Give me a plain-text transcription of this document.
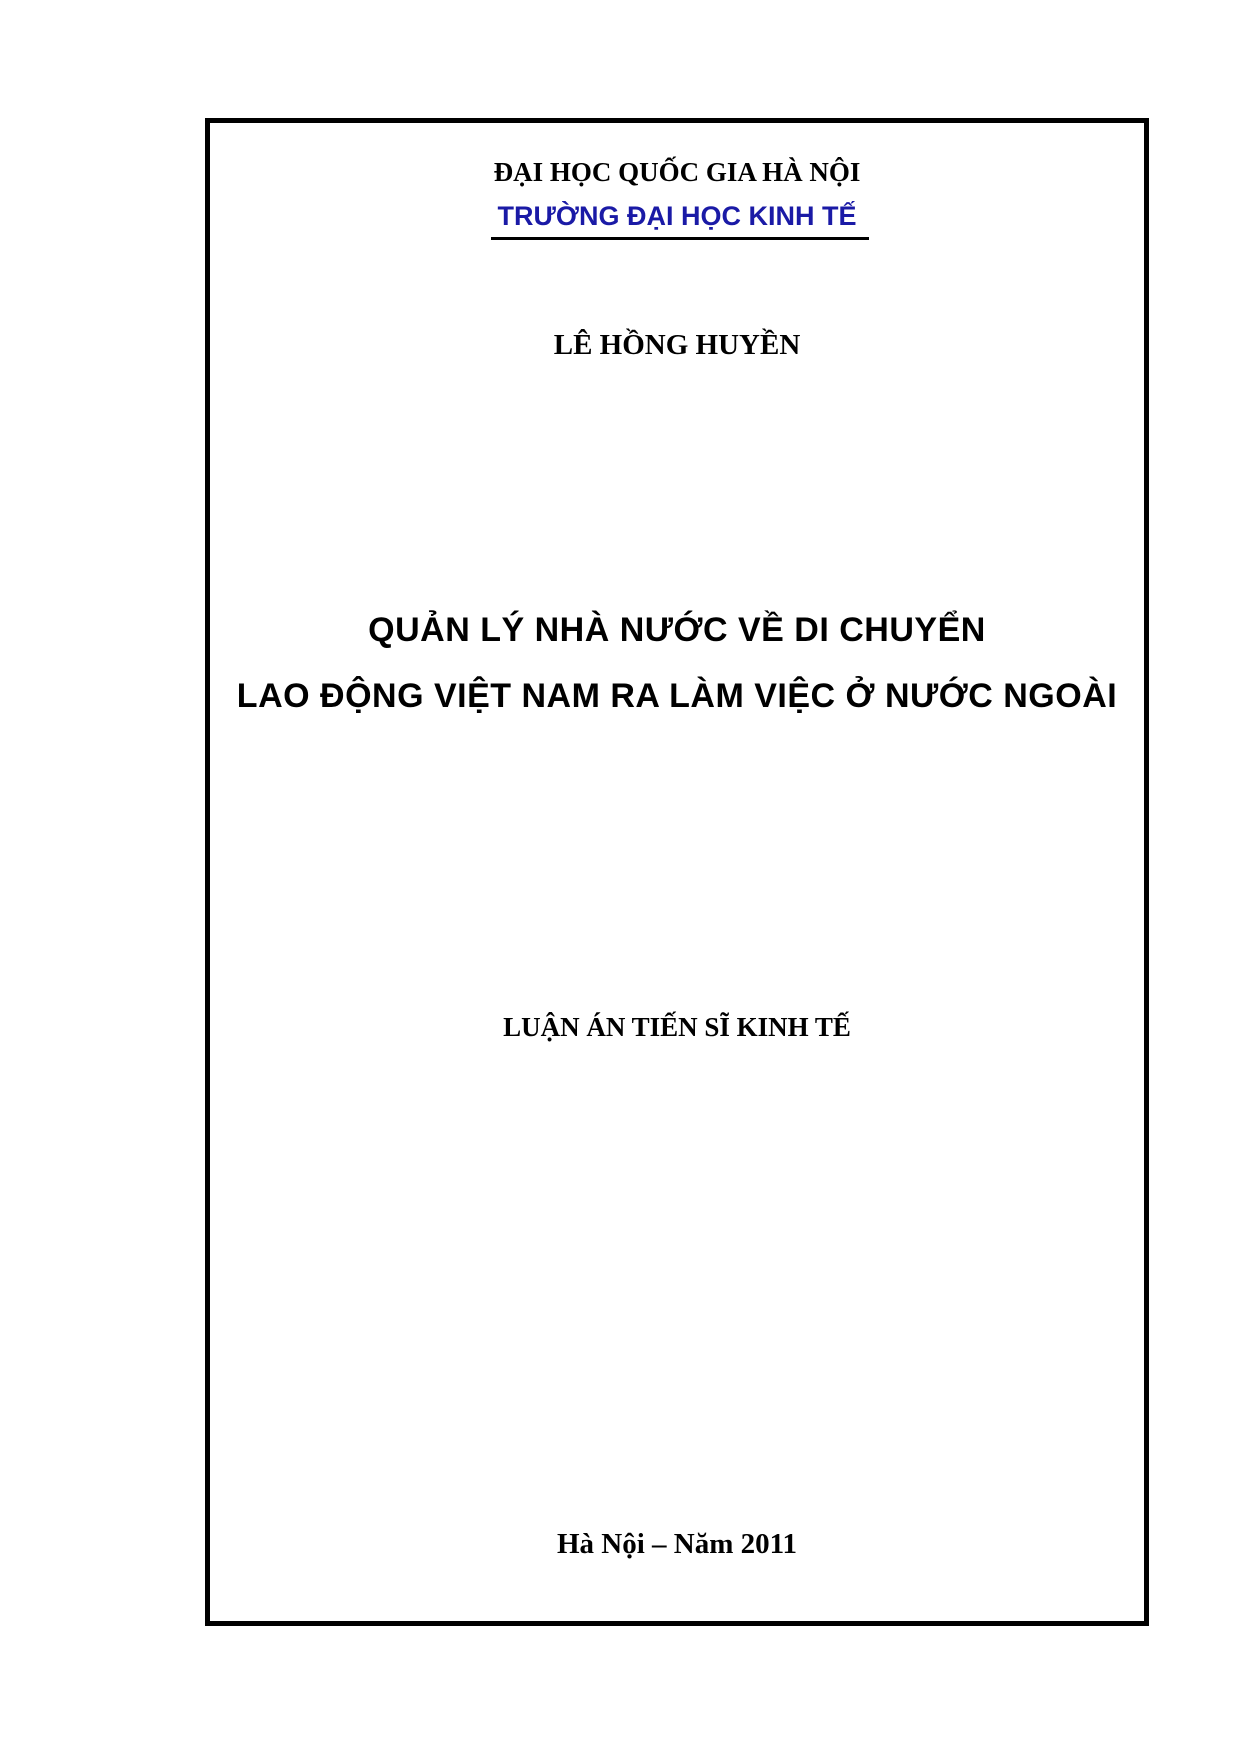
ĐẠI HỌC QUỐC GIA HÀ NỘI
TRƯỜNG ĐẠI HỌC KINH TẾ
LÊ HỒNG HUYỀN
QUẢN LÝ NHÀ NƯỚC VỀ DI CHUYỂN
LAO ĐỘNG VIỆT NAM RA LÀM VIỆC Ở NƯỚC NGOÀI
LUẬN ÁN TIẾN SĨ KINH TẾ
Hà Nội – Năm 2011
